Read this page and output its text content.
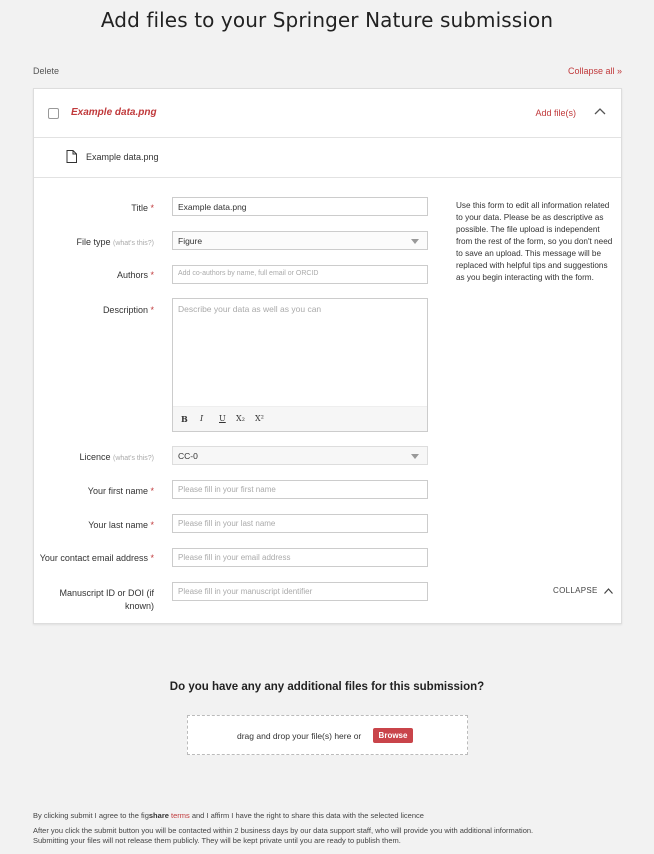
Add files to your Springer Nature submission
Delete	Collapse all »
Example data.png	Add file(s)
Example data.png
Title *	Example data.png
File type (what's this?)	Figure
Authors *	Add co-authors by name, full email or ORCID
Description *	Describe your data as well as you can
B I U X₂ X²
Use this form to edit all information related to your data. Please be as descriptive as possible. The file upload is independent from the rest of the form, so you don't need to save an upload. This message will be replaced with helpful tips and suggestions as you begin interacting with the form.
Licence (what's this?)	CC-0
Your first name *	Please fill in your first name
Your last name *	Please fill in your last name
Your contact email address *	Please fill in your email address
Manuscript ID or DOI (if
known)
Please fill in your manuscript identifier	COLLAPSE
Do you have any any additional files for this submission?
drag and drop your file(s) here or	Browse
By clicking submit I agree to the figshare terms and I affirm I have the right to share this data with the selected licence
After you click the submit button you will be contacted within 2 business days by our data support staff, who will provide you with additional information.
Submitting your files will not release them publicly. They will be kept private until you are ready to publish them.
